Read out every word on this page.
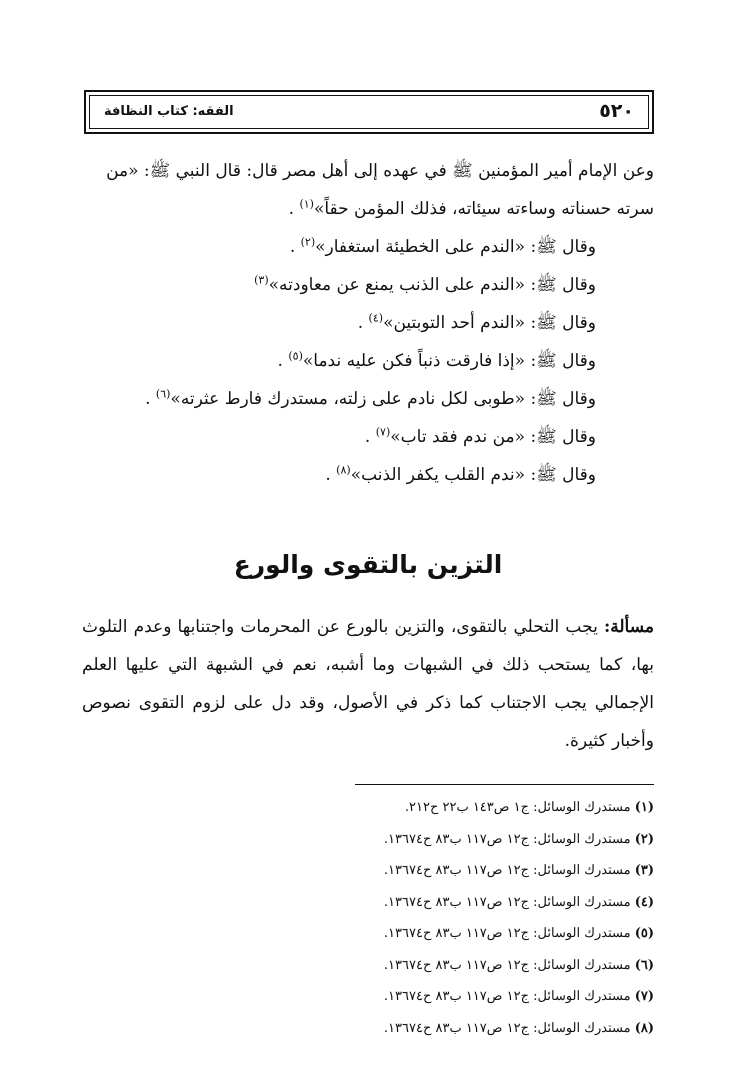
٥٢٠
الفقه: كتاب النظافة

وعن الإمام أمير المؤمنين ﷺ في عهده إلى أهل مصر قال: قال النبي ﷺ: «من سرته حسناته وساءته سيئاته، فذلك المؤمن حقاً»$^{(١)}$ .

وقال ﷺ: «الندم على الخطيئة استغفار»$^{(٢)}$ .

وقال ﷺ: «الندم على الذنب يمنع عن معاودته»$^{(٣)}$

وقال ﷺ: «الندم أحد التوبتين»$^{(٤)}$ .

وقال ﷺ: «إذا فارقت ذنباً فكن عليه ندما»$^{(٥)}$ .

وقال ﷺ: «طوبى لكل نادم على زلته، مستدرك فارط عثرته»$^{(٦)}$ .

وقال ﷺ: «من ندم فقد تاب»$^{(٧)}$ .

وقال ﷺ: «ندم القلب يكفر الذنب»$^{(٨)}$ .

التزين بالتقوى والورع

مسألة: يجب التحلي بالتقوى، والتزين بالورع عن المحرمات واجتنابها وعدم التلوث بها، كما يستحب ذلك في الشبهات وما أشبه، نعم في الشبهة التي عليها العلم الإجمالي يجب الاجتناب كما ذكر في الأصول، وقد دل على لزوم التقوى نصوص وأخبار كثيرة.

(١) مستدرك الوسائل: ج١ ص١٤٣ ب٢٢ ح٢١٢.
(٢) مستدرك الوسائل: ج١٢ ص١١٧ ب٨٣ ح١٣٦٧٤.
(٣) مستدرك الوسائل: ج١٢ ص١١٧ ب٨٣ ح١٣٦٧٤.
(٤) مستدرك الوسائل: ج١٢ ص١١٧ ب٨٣ ح١٣٦٧٤.
(٥) مستدرك الوسائل: ج١٢ ص١١٧ ب٨٣ ح١٣٦٧٤.
(٦) مستدرك الوسائل: ج١٢ ص١١٧ ب٨٣ ح١٣٦٧٤.
(٧) مستدرك الوسائل: ج١٢ ص١١٧ ب٨٣ ح١٣٦٧٤.
(٨) مستدرك الوسائل: ج١٢ ص١١٧ ب٨٣ ح١٣٦٧٤.
